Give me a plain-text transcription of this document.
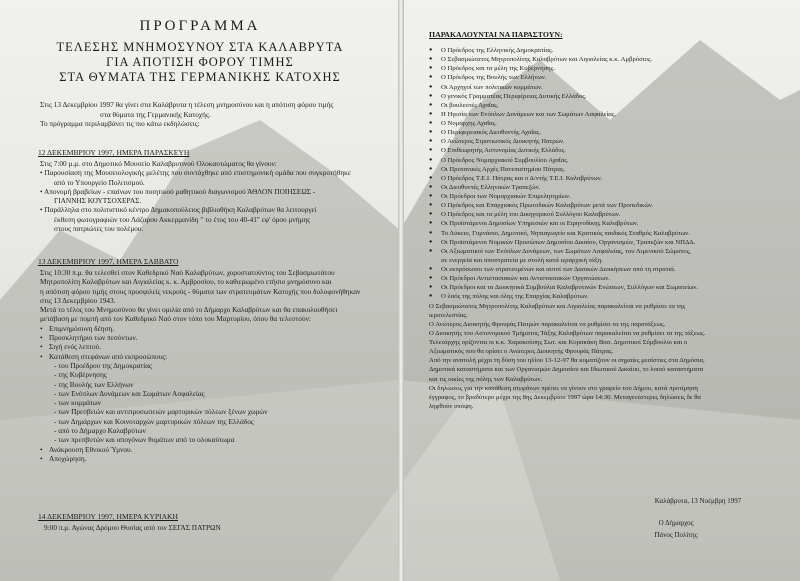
ΠΡΟΓΡΑΜΜΑ
ΤΕΛΕΣΗΣ ΜΝΗΜΟΣΥΝΟΥ ΣΤΑ ΚΑΛΑΒΡΥΤΑ
ΓΙΑ ΑΠΟΤΙΣΗ ΦΟΡΟΥ ΤΙΜΗΣ
ΣΤΑ ΘΥΜΑΤΑ ΤΗΣ ΓΕΡΜΑΝΙΚΗΣ ΚΑΤΟΧΗΣ
Στις 13 Δεκεμβρίου 1997 θα γίνει στα Καλάβρυτα η τέλεση μνημοσύνου και η απότιση φόρου τιμής
στα θύματα της Γερμανικής Κατοχής.
Το πρόγραμμα περιλαμβάνει τις πιο κάτω εκδηλώσεις:
12 ΔΕΚΕΜΒΡΙΟΥ 1997, ΗΜΕΡΑ ΠΑΡΑΣΚΕΥΗ
Στις 7:00 μ.μ. στο Δημοτικό Μουσείο Καλαβρυτινού Ολοκαυτώματος θα γίνουν:
• Παρουσίαση της Μουσειολογικής μελέτης που συντάχθηκε από επιστημονική ομάδα που συγκροτήθηκε
από το Υπουργείο Πολιτισμού.
• Απονομή βραβείων - επαίνων του ποιητικού μαθητικού διαγωνισμού ΆΘΛΟΝ ΠΟΙΗΣΕΩΣ -
ΓΙΑΝΝΗΣ ΚΟΥΤΣΟΧΕΡΑΣ.
• Παράλληλα στο πολιτιστικό κέντρο Δημακοπούλειος βιβλιοθήκη Καλαβρύτων θα λειτουργεί
έκθεση φωτογραφιών του Λάζαρου Ακκερμανίδη " το έτος του 40-41" εφ' όρου μνήμης
στους πατριώτες του πολέμου.
13 ΔΕΚΕΜΒΡΙΟΥ 1997, ΗΜΕΡΑ ΣΑΒΒΑΤΟ
Στις 10:30 π.μ. θα τελεσθεί στον Καθεδρικό Ναό Καλαβρύτων, χοροστατούντος του Σεβασμιωτάτου
Μητροπολίτη Καλαβρύτων και Αιγιαλείας κ. κ. Αμβροσίου, το καθιερωμένο ετήσιο μνημόσυνο και
η απότιση φόρου τιμής στους προσφιλείς νεκρούς - θύματα των στρατευμάτων Κατοχής που δολοφονήθηκαν
στις 13 Δεκεμβρίου 1943.
Μετά το τέλος του Μνημοσύνου θα γίνει ομιλία από το Δήμαρχο Καλαβρύτων και θα επακολουθήσει
μετάβαση με πομπή από τον Καθεδρικό Ναό στον τόπο του Μαρτυρίου, όπου θα τελεστούν:
• Επιμνημόσυνη δέηση.
• Προσκλητήριο των πεσόντων.
• Σιγή ενός λεπτού.
• Κατάθεση στεφάνων από εκπροσώπους:
- του Προέδρου της Δημοκρατίας
- της Κυβέρνησης
- της Βουλής των Ελλήνων
- των Ενόπλων Δυνάμεων και Σωμάτων Ασφαλείας
- των κομμάτων
- των Πρεσβειών και αντιπροσωπειών μαρτυρικών πόλεων ξένων χωρών
- των Δημάρχων και Κοινοταρχών μαρτυρικών πόλεων της Ελλάδος
- από το Δήμαρχο Καλαβρύτων
- των πρεσβυτών και απογόνων θυμάτων από το ολοκαύτωμα
• Ανάκρουση Εθνικού Ύμνου.
• Αποχώρηση.
14 ΔΕΚΕΜΒΡΙΟΥ 1997, ΗΜΕΡΑ ΚΥΡΙΑΚΗ
9:00 π.μ. Αγώνας Δρόμου Θυσίας από τον ΣΕΓΑΣ ΠΑΤΡΩΝ
ΠΑΡΑΚΑΛΟΥΝΤΑΙ ΝΑ ΠΑΡΑΣΤΟΥΝ:
● Ο Πρόεδρος της Ελληνικής Δημοκρατίας.
● Ο Σεβασμιώτατος Μητροπολίτης Καλαβρύτων και Αιγιαλείας κ.κ. Αμβρόσιος.
● Ο Πρόεδρος και τα μέλη της Κυβέρνησης.
● Ο Πρόεδρος της Βουλής των Ελλήνων.
● Οι Αρχηγοί των πολιτικών κομμάτων.
● Ο γενικός Γραμματέας Περιφέρειας Δυτικής Ελλάδος.
● Οι βουλευτές Αχαΐας.
● Η Ηγεσία των Ενόπλων Δυνάμεων και των Σωμάτων Ασφαλείας.
● Ο Νομάρχης Αχαΐας.
● Ο Περιφερειακός Διευθυντής Αχαΐας.
● Ο Ανώτερος Στρατιωτικός Διοικητής Πατρών.
● Ο Επιθεωρητής Αστυνομίας Δυτικής Ελλάδος.
● Ο Πρόεδρος Νομαρχιακού Συμβουλίου Αχαΐας.
● Οι Πρυτανικές Αρχές Πανεπιστημίου Πάτρας.
● Ο Πρόεδρος Τ.Ε.Ι. Πάτρας και ο Δ/ντής Τ.Ε.Ι. Καλαβρύτων.
● Οι Διευθυντές Ελληνικών Τραπεζών.
● Οι Πρόεδροι των Νομαρχιακών Επιμελητηρίων.
● Ο Πρόεδρος και Επαρχιακός Πρωτοδικών Καλαβρύτων μετά των Προπεδικών.
● Ο Πρόεδρος και τα μέλη του Δικηγορικού Συλλόγου Καλαβρύτων.
● Οι Προϊστάμενοι Δημοσίων Υπηρεσιών και οι Ειρηνοδίκης Καλαβρύτων.
● Το Λύκειο, Γυμνάσιο, Δημοτικό, Νηπιαγωγείο και Κρατικός παιδικός Σταθμός Καλαβρύτων.
● Οι Προϊστάμενοι Νομικών Προσώπων Δημοσίου Δικαίου, Οργανισμών, Τραπεζών και ΝΠΔΔ.
● Οι Αξιωματικοί των Ενόπλων Δυνάμεων, των Σωμάτων Ασφαλείας, του Λιμενικού Σώματος,
σε ενεργεία και αποστρατεία με στολή κατά ιεραρχική τάξη.
● Οι εκπρόσωποι των στρατευμένων και αυτοί των Δασικών Διοικήσεων από τη στρατιά.
● Οι Πρόεδροι Αντιστασιακών και Αντιστασιακών Οργανώσεων.
● Οι Πρόεδροι και τα Διοικητικά Συμβούλια Καλαβρυτινών Ενώσεων, Συλλόγων και Σωματείων.
● Ο λαός της πόλης και όλης της Επαρχίας Καλαβρύτων.
Ο Σεβασμιώτατος Μητροπολίτης Καλαβρύτων και Αιγιαλείας παρακαλείται να ρυθμίσει τα της
ιεροτελεστίας.
Ο Ανώτερος Διοικητής Φρουράς Πατρών παρακαλείται να ρυθμίσει τα της παρατάξεως.
Ο Διοικητής του Αστυνομικού Τμήματος Τάξης Καλαβρύτων παρακαλείται να ρυθμίσει τα της τάξεως.
Τελετάρχης ορίζονται οι κ.κ. Χαρακούσης Σωτ. και Κορακάκη Βασ. Δημοτικοί Σύμβουλοι και ο
Αξιωματικός που θα ορίσει ο Ανώτερος Διοικητής Φρουράς Πάτρας.
Από την ανατολή μέχρι τη δύση του ηλίου 13-12-97 θα κυματίζουν οι σημαίες μεσίστιες στα Δημόσια,
Δημοτικά καταστήματα και των Οργανισμών Δημοσίου και Ιδιωτικού Δικαίου, το λοιπό καταστήματα
και τις οικίες της πόλης των Καλαβρύτων.
Οι δηλώσεις για την κατάθεση στεφάνων πρέπει να γίνουν στο γραφείο του Δήμου, κατά προτίμηση
έγγραφος, το βραδύτερο μέχρι της 8ης Δεκεμβρίου 1997 ώρα 14:30. Μεταγενέστερες δηλώσεις δε θα
ληφθούν υπόψη.
Καλάβρυτα, 13 Νοέμβρη 1997
Ο Δήμαρχος
Πάνος Πολίτης
